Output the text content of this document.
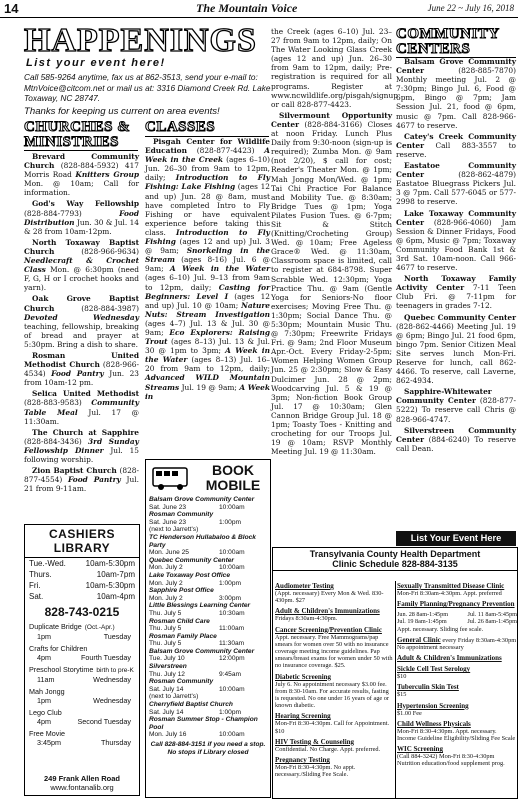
14	The Mountain Voice	June 22 ~ July 16, 2018
HAPPENINGS
List your event here!
Call 585-9264 anytime, fax us at 862-3513, send your e-mail to: MtnVoice@citcom.net or mail us at: 3316 Diamond Creek Rd. Lake Toxaway, NC 28747.
Thanks for keeping us current on area events!
CHURCHES & MINISTRIES
CLASSES

Brevard Community Church (828-884-5932) 417 Morris Road Knitters Group Mon. @ 10am; Call for information.

God's Way Fellowship (828-884-7793) Food Distribution Jun. 30 & Jul. 14 & 28 from 10am-12pm.

North Toxaway Baptist Church (828-966-9634) Needlecraft & Crochet Class Mon. @ 6:30pm (need F, G, H or I crochet hooks and yarn).

Oak Grove Baptist Church (828-884-3987) Devoted Wednesday teaching, fellowship, breaking of bread and prayer at 5:30pm. Bring a dish to share.

Rosman United Methodist Church (828-966-4534) Food Pantry Jun. 23 from 10am-12 pm.

Selica United Methodist (828-883-9583) Community Table Meal Jul. 17 @ 11:30am.

The Church at Sapphire (828-884-3436) 3rd Sunday Fellowship Dinner Jul. 15 following worship.

Zion Baptist Church (828-877-4554) Food Pantry Jul. 21 from 9-11am.

Pisgah Center for Wildlife Education (828-877-4423) A Week in the Creek (ages 6–10) Jun. 26–30 from 9am to 12pm, daily; Introduction to Fly Fishing: Lake Fishing (ages 12 and up) Jun. 28 @ 8am, must have completed Intro to Fly Fishing or have equivalent experience before taking this class. Introduction to Fly Fishing (ages 12 and up) Jul. 3 @ 9am; Snorkeling in the Stream (ages 8-16) Jul. 6 @ 9am; A Week in the Water (ages 6–10) Jul. 9–13 from 9am to 12pm, daily; Casting for Beginners: Level I (ages 12 and up) Jul. 10 @ 10am; Nature Nuts: Stream Investigation (ages 4–7) Jul. 13 & Jul. 30 @ 9am; Eco Explorers: Raising Trout (ages 8–13) Jul. 13 & Jul. 30 @ 1pm to 3pm; A Week in the Water (ages 8–13) Jul. 16–20 from 9am to 12pm, daily; Advanced WILD Mountain Streams Jul. 19 @ 9am; A Week in

BOOK MOBILE
Balsam Grove Community Center
Sat. June 23	10:00am
Rosman Community
Sat. June 23	1:00pm
(next to Jarrett's)
TC Henderson Hullabaloo & Block Party
Mon. June 25	10:00am
Quebec Community Center
Mon. July 2	10:00am
Lake Toxaway Post Office
Mon. July 2	1:00pm
Sapphire Post Office
Mon. July 2	3:00pm
Little Blessings Learning Center
Thu. July 5	10:30am
Rosman Child Care
Thu. July 5	11:00am
Rosman Family Place
Thu. July 5	11:30am
Balsam Grove Community Center
Tue. July 10	12:00pm
Silverstreen
Thu. July 12	9:45am
Rosman Community
Sat. July 14	10:00am
(next to Jarrett's)
Cherryfield Baptist Church
Sat. July 14	1:00pm
Rosman Summer Stop - Champion Pool
Mon. July 16	10:00am
Call 828-884-3151 if you need a stop. No stops if Library closed
CASHIERS LIBRARY
Tue.-Wed. 10am-5:30pm
Thurs.	10am-7pm
Fri.	10am-5:30pm
Sat.	10am-4pm
828-743-0215
Duplicate Bridge (Oct.-Apr.)
1pm	Tuesday
Crafts for Children
4pm	Fourth Tuesday
Preschool Storytime birth to pre-K
11am	Wednesday
Mah Jongg
1pm	Wednesday
Lego Club
4pm	Second Tuesday
Free Movie
3:45pm	Thursday
249 Frank Allen Road
www.fontanalib.org

the Creek (ages 6–10) Jul. 23–27 from 9am to 12pm, daily; On The Water Looking Glass Creek (ages 12 and up) Jun. 26–30 from 9am to 12pm, daily; Pre-registration is required for all programs. Register at www.ncwildlife.org/pisgah/signup or call 828-877-4423.

Silvermount Opportunity Center (828-884-3166) Closes at noon Friday. Lunch Plus Daily from 9:30-noon (sign-up is required); Zumba Mon. @ 9am (not 2/20), $ call for cost; Reader's Theater Mon. @ 1pm; Mah Jongg Mon/Wed. @ 1pm; Tai Chi Practice For Balance and Mobility Tue. @ 8:30am; Bridge Tues @ 1pm; Yoga Pilates Fusion Tues. @ 6-7pm; Sit & Stitch (Knitting/Crocheting Group) Wed. @ 10am; Free Ageless Grace® Wed. @ 11:30am, Classroom space is limited, call to register at 684-8798. Super Scrabble Wed. 12:30pm; Yoga Practice Thu. @ 9am (Gentle Yoga for Seniors-No floor exercises; Moving Free Thu. @ 1:30pm; Social Dance Thu. @ 5:30pm; Mountain Music Thu. @ 7:30pm; Freewrite Fridays Fri. @ 9am; 2nd Floor Museum Apr.-Oct. Every Friday-2-5pm; Women Helping Women Group Jun. 25 @ 2:30pm; Slow & Easy Dulcimer Jun. 28 @ 2pm; Woodcarving Jul. 5 & 19 @ 3pm; Non-fiction Book Group Jul. 17 @ 10:30am; Glen Cannon Bridge Group Jul. 18 @ 1pm; Toasty Toes - Knitting and crocheting for our Troops Jul. 19 @ 10am; RSVP Monthly Meeting Jul. 19 @ 11:30am.

COMMUNITY CENTERS

Balsam Grove Community Center (828-885-7870) Monthly meeting Jul. 2 @ 7:30pm; Bingo Jul. 6, Food @ 6pm, Bingo @ 7pm; Jam Session Jul. 21, food @ 6pm, music @ 7pm. Call 828-966-4677 to reserve.

Catey's Creek Community Center Call 883-3557 to reserve.

Eastatoe Community Center (828-862-4879) Eastatoe Bluegrass Pickers Jul. 3 @ 7pm. Call 577-6045 or 577-2998 to reserve.

Lake Toxaway Community Center (828-966-4060) Jam Session & Dinner Fridays, Food @ 6pm, Music @ 7pm; Toxaway Community Food Bank 1st & 3rd Sat. 10am-noon. Call 966-4677 to reserve.

North Toxaway Family Activity Center 7-11 Teen Club Fri. @ 7-11pm for teenagers in grades 7-12.

Quebec Community Center (828-862-4466) Meeting Jul. 19 @ 6pm; Bingo Jul. 21 food 6pm, bingo 7pm. Senior Citizen Meal Site serves lunch Mon-Fri. Reserve for lunch, call 862-4466. To reserve, call Laverne, 862-4934.

Sapphire-Whitewater Community Center (828-877-5222) To reserve call Chris @ 828-966-4747.

Silverstreen Community Center (884-6240) To reserve call Dean.

List Your Event Here
Transylvania County Health Department
Clinic Schedule 828-884-3135
Audiometer Testing
(Appt. necessary) Every Mon & Wed. 830-430pm. $27
Adult & Children's Immunizations
Fridays 8:30am-4:30pm.
Cancer Screening/Prevention Clinic
Appt. necessary. Free Mammograms/pap smears for women over 50 with no insurance coverage meeting income guidelines. Pap smears/breast exams for women under 50 with no insurance coverage. $25.
Diabetic Screening
July 6. No appointment necessary $3.00 fee. from 8:30-10am. For accurate results, fasting is requested. No one under 16 years of age or known diabetic.
Hearing Screening
Mon-Fri 8:30-4:30pm. Call for Appointment. $10
HIV Testing & Counseling
Confidential. No Charge. Appt. preferred.
Pregnancy Testing
Mon-Fri 8:30-4:30pm. No appt. necessary./Sliding Fee Scale.
Sexually Transmitted Disease Clinic
Mon-Fri 8:30am-4:30pm. Appt. preferred
Family Planning/Pregnancy Prevention
Jun. 28 8am-1:45pm	Jul. 11 8am-5:45pm
Jul. 19 8am-1:45pm	Jul. 26 8am-1:45pm
Appt. necessary. Sliding fee scale.
General Clinic every Friday 8:30am-4:30pm No appointment necessary
Adult & Children's Immunizations
Sickle Cell Test Serology
$10
Tuberculin Skin Test
$15
Hypertension Screening
$1.00 Fee
Child Wellness Physicals
Mon-Fri 8:30-4:30pm. Appt. necessary. Income Guideline Eligibility/Sliding Fee Scale
WIC Screening
(Call 884-3242) Mon-Fri 8:30-4:30pm Nutrition education/food supplement prog.
